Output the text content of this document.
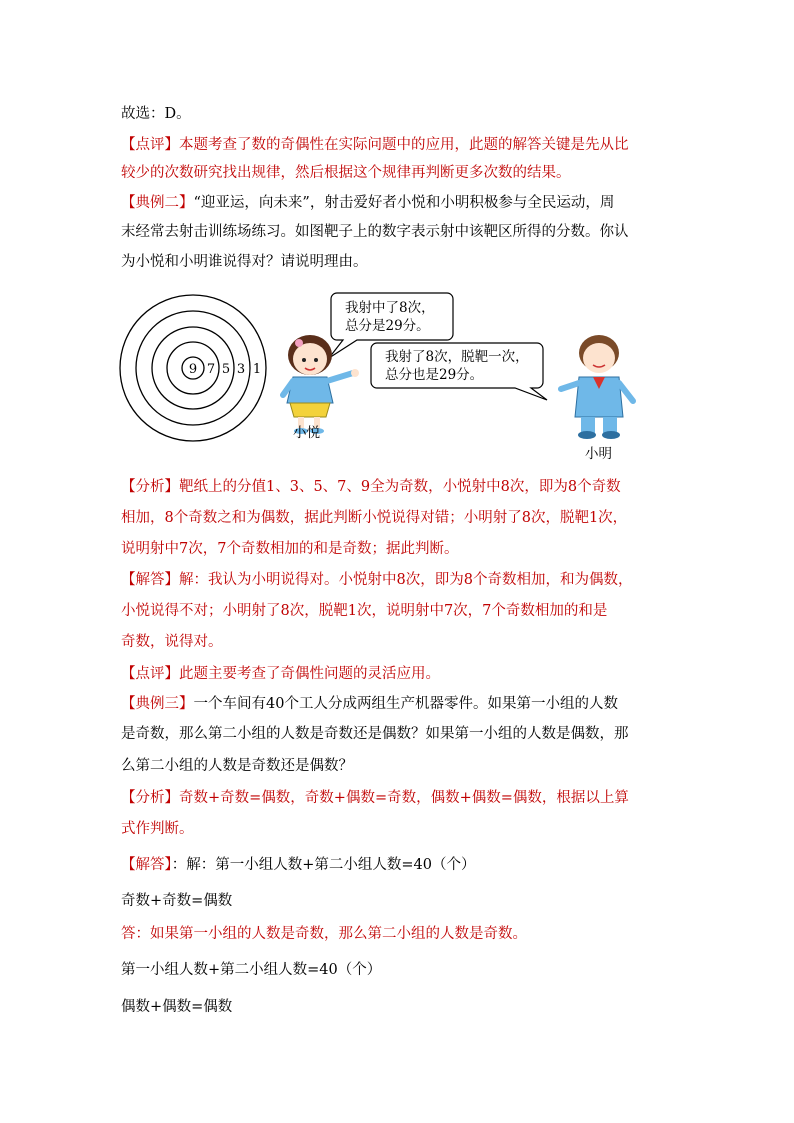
故选：D。
【点评】本题考查了数的奇偶性在实际问题中的应用，此题的解答关键是先从比
较少的次数研究找出规律，然后根据这个规律再判断更多次数的结果。
【典例二】“迎亚运，向未来”，射击爱好者小悦和小明积极参与全民运动，周
末经常去射击训练场练习。如图靶子上的数字表示射中该靶区所得的分数。你认
为小悦和小明谁说得对？请说明理由。
9 7 5 3 1
我射中了8次，
总分是29分。
我射了8次，脱靶一次，
总分也是29分。
小悦
小明
【分析】靶纸上的分值1、3、5、7、9全为奇数，小悦射中8次，即为8个奇数
相加，8个奇数之和为偶数，据此判断小悦说得对错；小明射了8次，脱靶1次，
说明射中7次，7个奇数相加的和是奇数；据此判断。
【解答】解：我认为小明说得对。小悦射中8次，即为8个奇数相加，和为偶数，
小悦说得不对；小明射了8次，脱靶1次，说明射中7次，7个奇数相加的和是
奇数，说得对。
【点评】此题主要考查了奇偶性问题的灵活应用。
【典例三】一个车间有40个工人分成两组生产机器零件。如果第一小组的人数
是奇数，那么第二小组的人数是奇数还是偶数？如果第一小组的人数是偶数，那
么第二小组的人数是奇数还是偶数？
【分析】奇数+奇数=偶数，奇数+偶数=奇数，偶数+偶数=偶数，根据以上算
式作判断。
【解答】：解：第一小组人数+第二小组人数=40（个）
奇数+奇数=偶数
答：如果第一小组的人数是奇数，那么第二小组的人数是奇数。
第一小组人数+第二小组人数=40（个）
偶数+偶数=偶数
